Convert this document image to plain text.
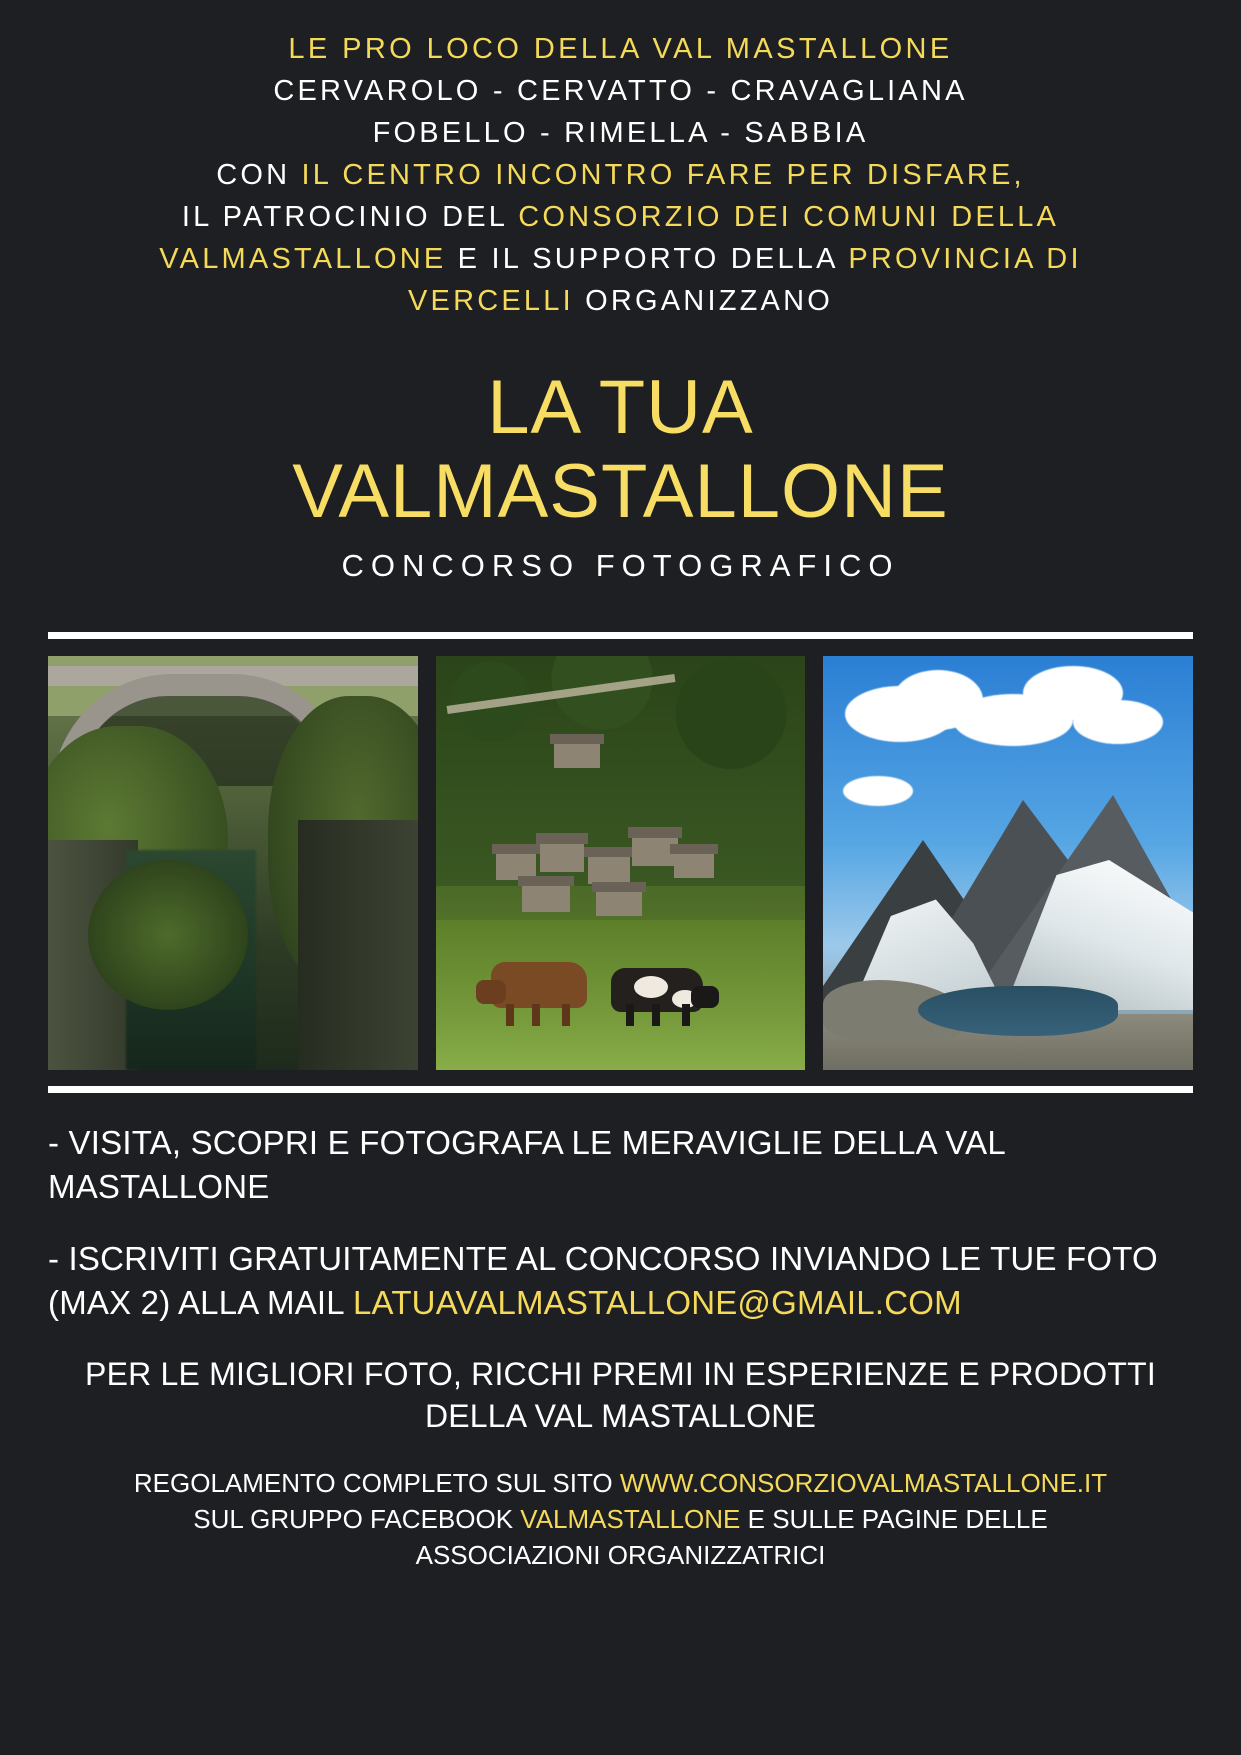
LE PRO LOCO DELLA VAL MASTALLONE
CERVAROLO - CERVATTO - CRAVAGLIANA
FOBELLO - RIMELLA - SABBIA
CON IL CENTRO INCONTRO FARE PER DISFARE,
IL PATROCINIO DEL CONSORZIO DEI COMUNI DELLA
VALMASTALLONE E IL SUPPORTO DELLA PROVINCIA DI
VERCELLI ORGANIZZANO
LA TUA
VALMASTALLONE
CONCORSO FOTOGRAFICO
- VISITA, SCOPRI E FOTOGRAFA LE MERAVIGLIE DELLA VAL MASTALLONE
- ISCRIVITI GRATUITAMENTE AL CONCORSO INVIANDO LE TUE FOTO (MAX 2) ALLA MAIL LATUAVALMASTALLONE@GMAIL.COM
PER LE MIGLIORI FOTO, RICCHI PREMI IN ESPERIENZE E PRODOTTI DELLA VAL MASTALLONE
REGOLAMENTO COMPLETO SUL SITO WWW.CONSORZIOVALMASTALLONE.IT
SUL GRUPPO FACEBOOK VALMASTALLONE E SULLE PAGINE DELLE
ASSOCIAZIONI ORGANIZZATRICI
